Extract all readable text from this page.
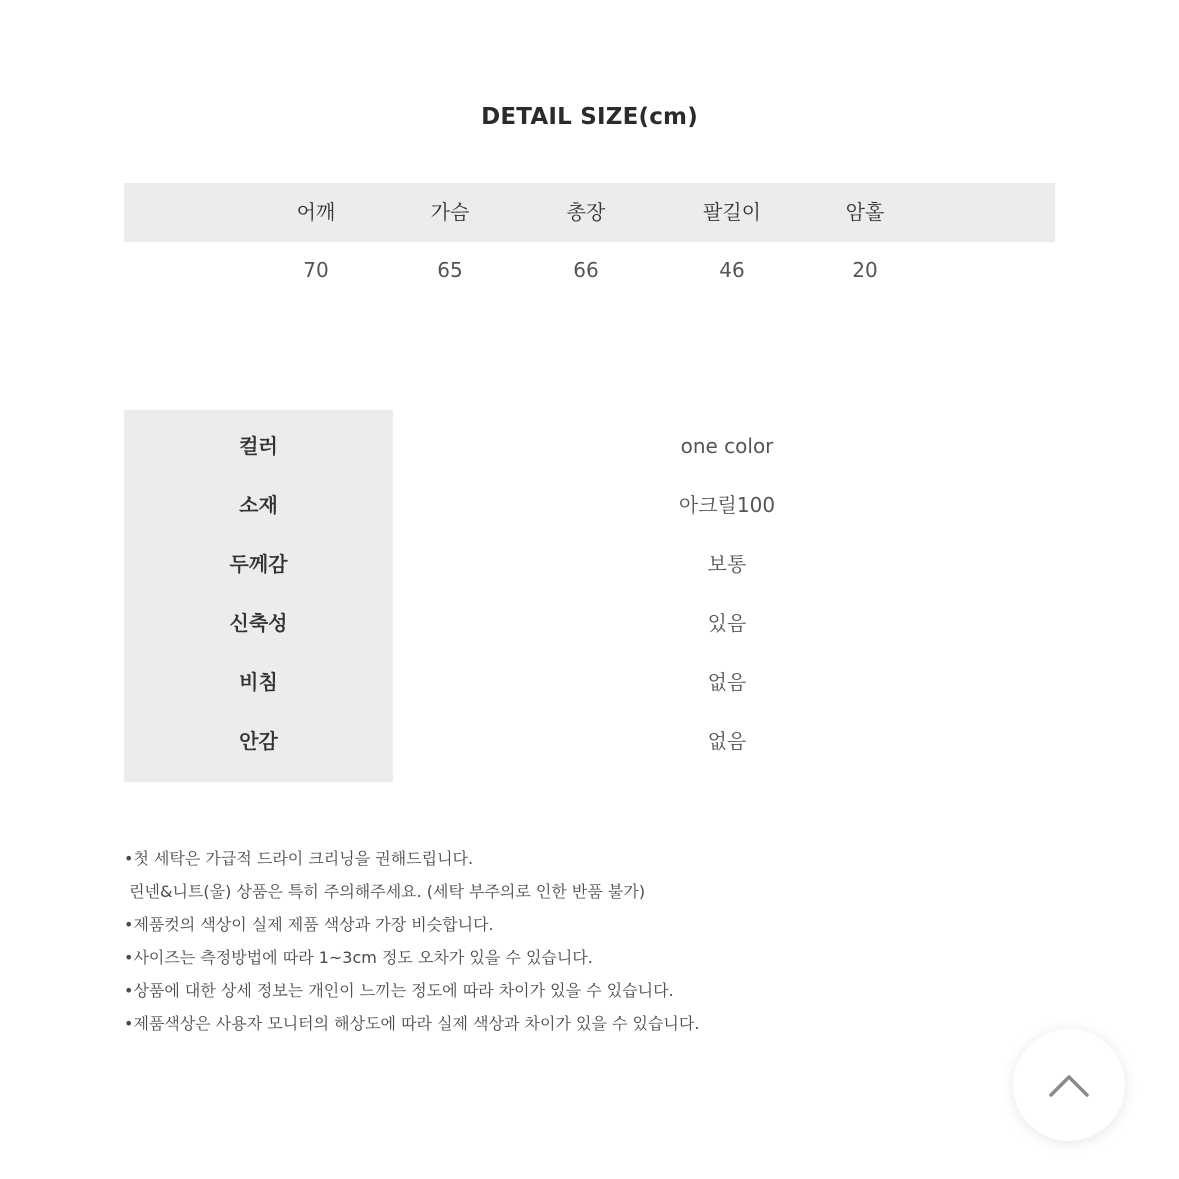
DETAIL SIZE(cm)
어깨	가슴	총장	팔길이	암홀
70	65	66	46	20
컬러	one color
소재	아크릴100
두께감	보통
신축성	있음
비침	없음
안감	없음
•첫 세탁은 가급적 드라이 크리닝을 권해드립니다.
린넨&니트(울) 상품은 특히 주의해주세요. (세탁 부주의로 인한 반품 불가)
•제품컷의 색상이 실제 제품 색상과 가장 비슷합니다.
•사이즈는 측정방법에 따라 1~3cm 정도 오차가 있을 수 있습니다.
•상품에 대한 상세 정보는 개인이 느끼는 정도에 따라 차이가 있을 수 있습니다.
•제품색상은 사용자 모니터의 해상도에 따라 실제 색상과 차이가 있을 수 있습니다.
